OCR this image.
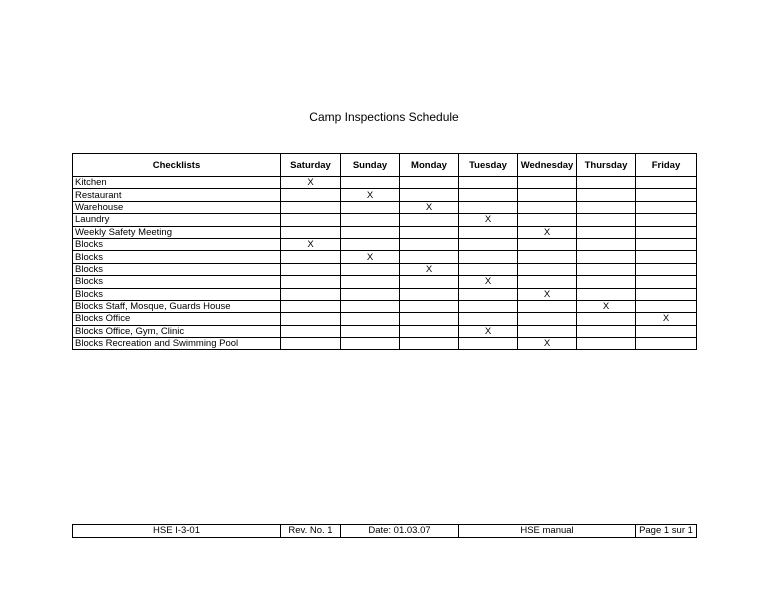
Camp Inspections Schedule
Checklists	Saturday	Sunday	Monday	Tuesday	Wednesday	Thursday	Friday
Kitchen	X						
Restaurant		X					
Warehouse			X				
Laundry				X			
Weekly Safety Meeting					X		
Blocks	X						
Blocks		X					
Blocks			X				
Blocks				X			
Blocks					X		
Blocks Staff, Mosque, Guards House						X	
Blocks Office							X
Blocks Office, Gym, Clinic				X			
Blocks Recreation and Swimming Pool					X		
HSE I-3-01	Rev. No. 1	Date: 01.03.07	HSE manual	Page 1 sur 1
